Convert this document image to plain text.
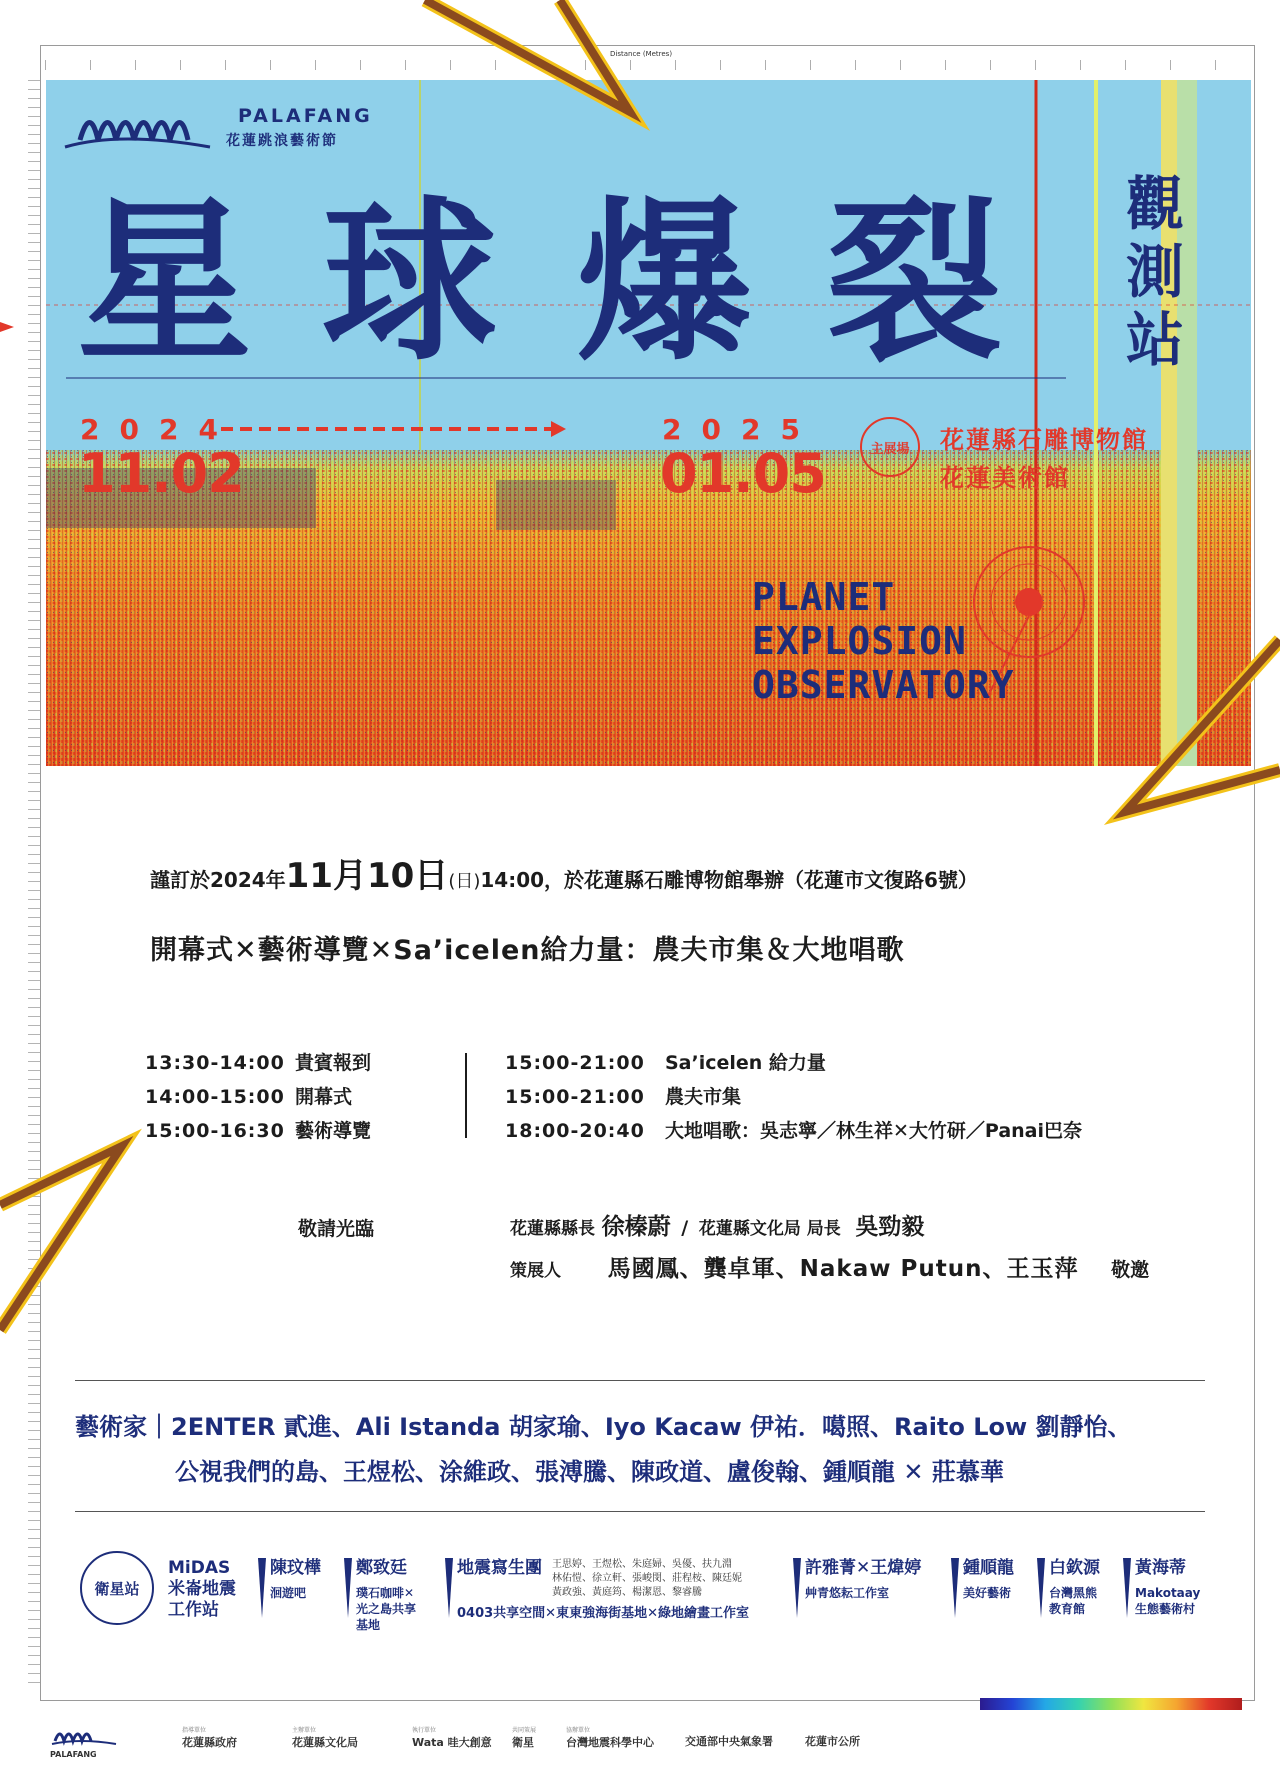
Distance (Metres)
PALAFANG
花蓮跳浪藝術節
星 球 爆 裂 觀測站
2024
11.02
2025
01.05	主展場	花蓮縣石雕博物館
花蓮美術館
PLANET
EXPLOSION
OBSERVATORY
謹訂於2024年11月10日(日)14:00，於花蓮縣石雕博物館舉辦（花蓮市文復路6號）
開幕式✕藝術導覽✕Sa’icelen給力量：農夫市集＆大地唱歌
13:30-14:00 貴賓報到
14:00-15:00 開幕式
15:00-16:30 藝術導覽
15:00-21:00 Sa’icelen 給力量
15:00-21:00 農夫市集
18:00-20:40 大地唱歌：吳志寧／林生祥✕大竹研／Panai巴奈
敬請光臨	花蓮縣縣長 徐榛蔚 / 花蓮縣文化局 局長 吳勁毅
策展人 馬國鳳、龔卓軍、Nakaw Putun、王玉萍 敬邀
藝術家｜2ENTER 貳進、Ali Istanda 胡家瑜、Iyo Kacaw 伊祐．噶照、Raito Low 劉靜怡、
公視我們的島、王煜松、涂維政、張溥騰、陳政道、盧俊翰、鍾順龍 ✕ 莊慕華
衛星站
MiDAS
米崙地震
工作站
陳玟樺
洄遊吧
鄭致廷
璞石咖啡✕
光之島共享
基地
地震寫生團 王思婷、王煜松、朱庭婦、吳優、扶九淵
林佑愷、徐立軒、張峻閔、莊程桉、陳廷妮
黃政強、黃庭筠、楊潔恩、黎睿騰
0403共享空間✕東東強海街基地✕綠地繪畫工作室
許雅菁✕王煒婷
艸青悠耘工作室
鍾順龍
美好藝術
白欽源
台灣黑熊
教育館
黃海蒂
Makotaay
生態藝術村
PALAFANG
指導單位
花蓮縣政府
主辦單位
花蓮縣文化局
執行單位
Wata 哇大創意
共同策展
衛星
協辦單位
台灣地震科學中心	交通部中央氣象署	花蓮市公所
